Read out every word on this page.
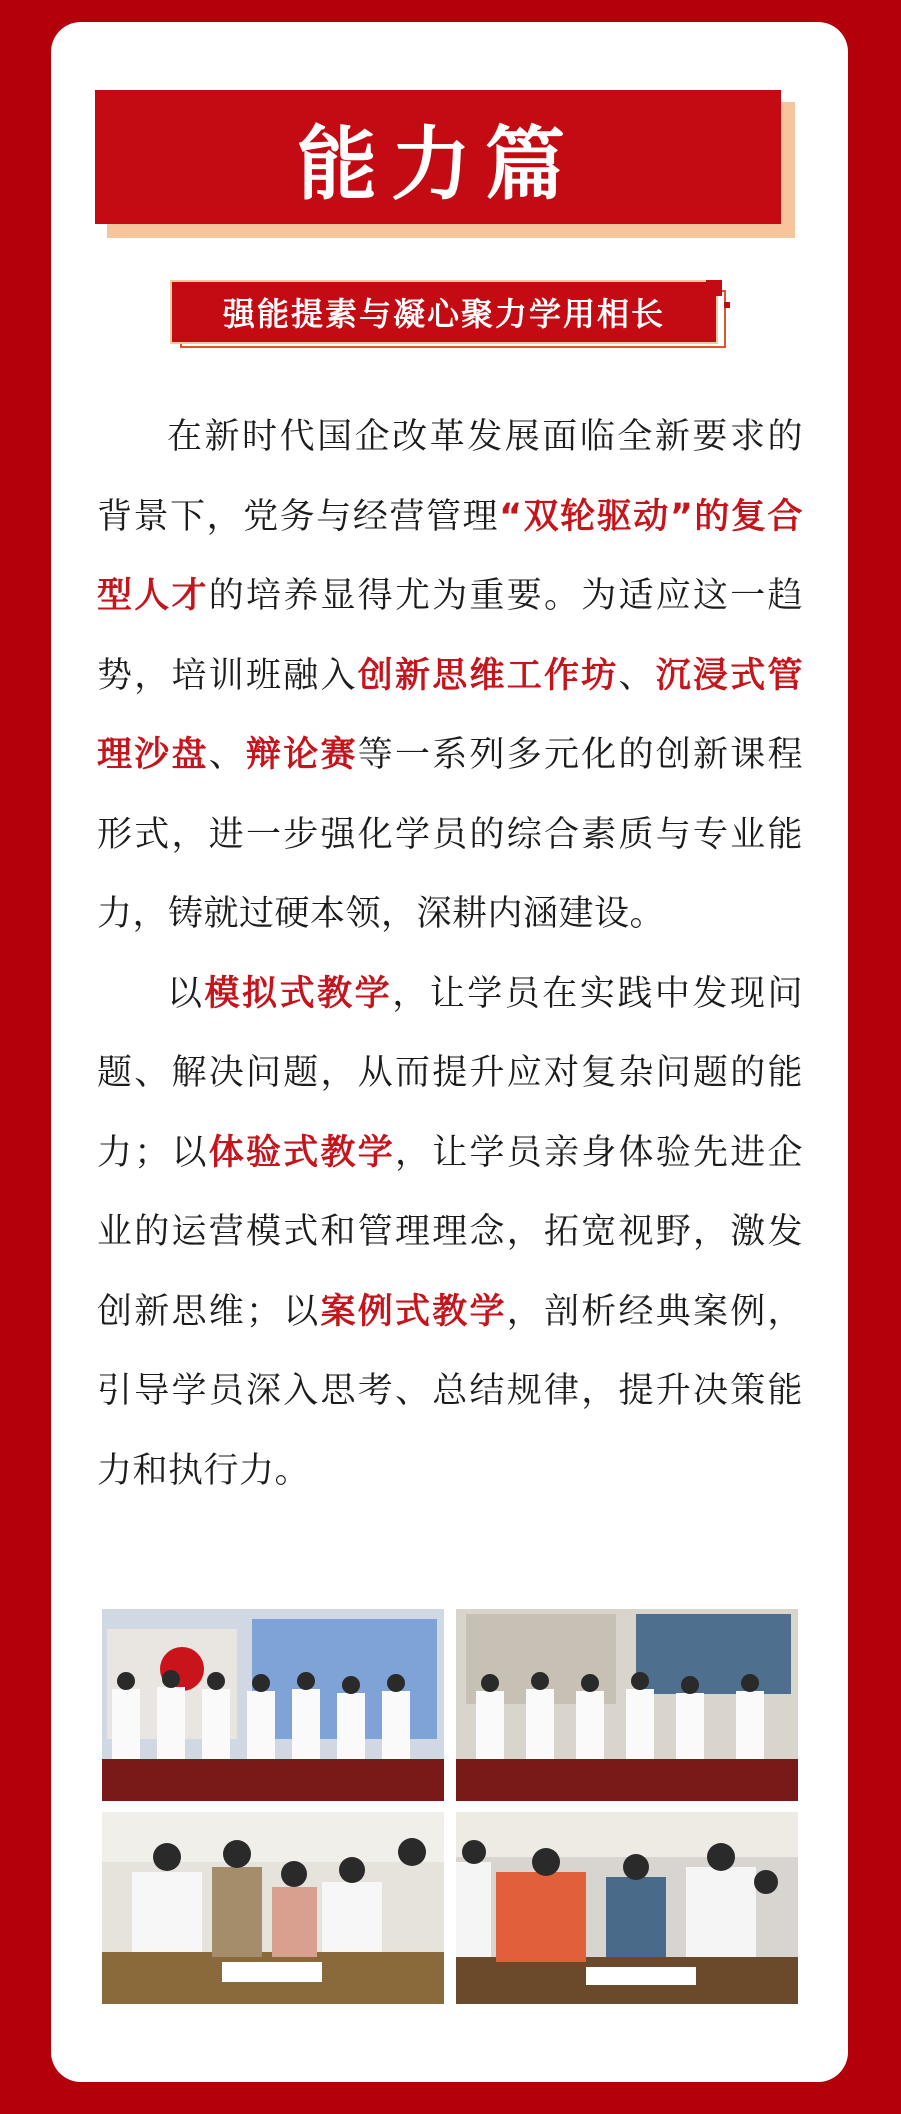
能力篇
强能提素与凝心聚力学用相长

在新时代国企改革发展面临全新要求的背景下，党务与经营管理“双轮驱动”的复合型人才的培养显得尤为重要。为适应这一趋势，培训班融入创新思维工作坊、沉浸式管理沙盘、辩论赛等一系列多元化的创新课程形式，进一步强化学员的综合素质与专业能力，铸就过硬本领，深耕内涵建设。

以模拟式教学，让学员在实践中发现问题、解决问题，从而提升应对复杂问题的能力；以体验式教学，让学员亲身体验先进企业的运营模式和管理理念，拓宽视野，激发创新思维；以案例式教学，剖析经典案例，引导学员深入思考、总结规律，提升决策能力和执行力。
